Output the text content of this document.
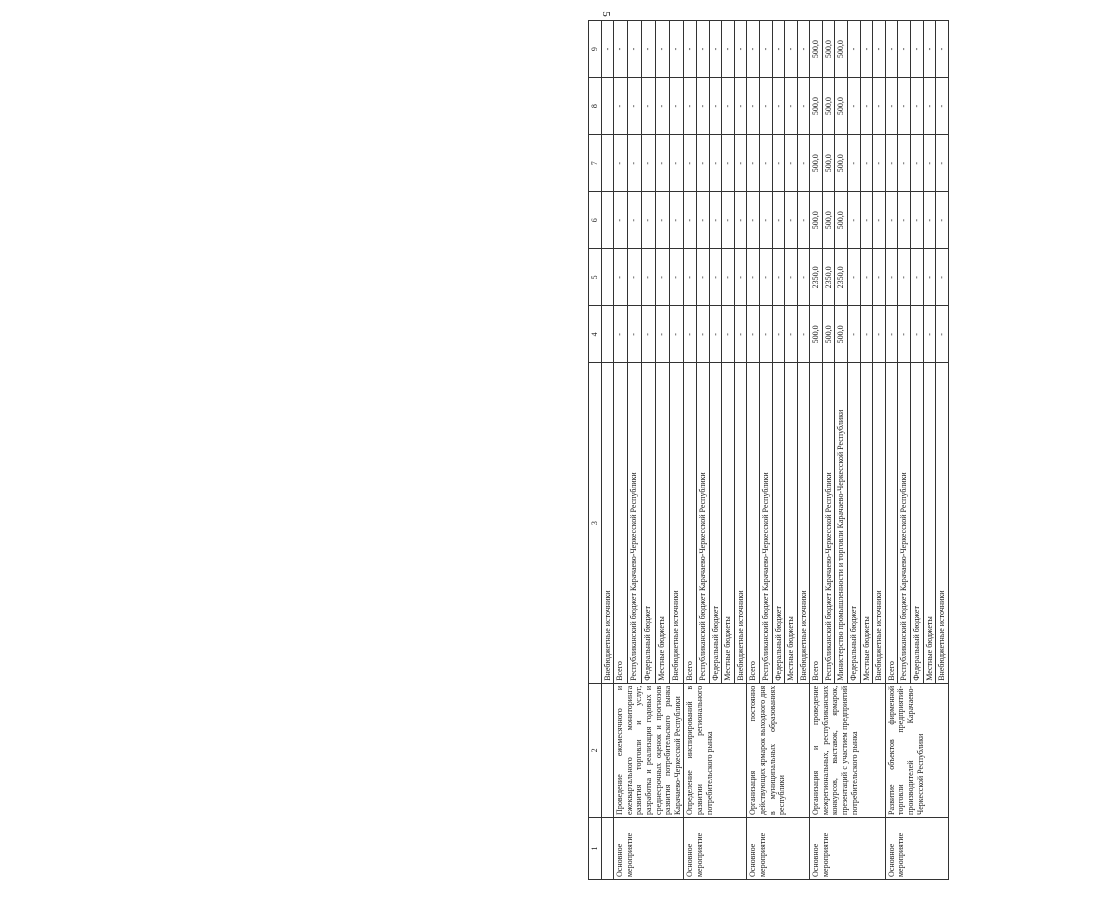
5
1	2	3	4	5	6	7	8	9
		Внебюджетные источники						-
Основное мероприятие	Проведение ежемесячного и ежеквартального мониторинга развития торговли и услуг, разработка и реализация годовых и среднесрочных оценок и прогнозов развития потребительского рынка Карачаево-Черкесской Республики	Всего	-	-	-	-	-	-
		Республиканский бюджет Карачаево-Черкесской Республики	-	-	-	-	-	-
		Федеральный бюджет	-	-	-	-	-	-
		Местные бюджеты	-	-	-	-	-	-
		Внебюджетные источники	-	-	-	-	-	-
Основное мероприятие	Определение инспирирований в развитии регионального потребительского рынка	Всего	-	-	-	-	-	-
		Республиканский бюджет Карачаево-Черкесской Республики	-	-	-	-	-	-
		Федеральный бюджет	-	-	-	-	-	-
		Местные бюджеты	-	-	-	-	-	-
		Внебюджетные источники	-	-	-	-	-	-
Основное мероприятие	Организация постоянно действующих ярмарок выходного дня в муниципальных образованиях республики	Всего	-	-	-	-	-	-
		Республиканский бюджет Карачаево-Черкесской Республики	-	-	-	-	-	-
		Федеральный бюджет	-	-	-	-	-	-
		Местные бюджеты	-	-	-	-	-	-
		Внебюджетные источники	-	-	-	-	-	-
Основное мероприятие	Организация и проведение межрегиональных, республиканских конкурсов, выставок, ярмарок, презентаций с участием предприятий потребительского рынка	Всего	500,0	2350,0	500,0	500,0	500,0	500,0
		Республиканский бюджет Карачаево-Черкесской Республики	500,0	2350,0	500,0	500,0	500,0	500,0
		Министерство промышленности и торговли Карачаево-Черкесской Республики	500,0	2350,0	500,0	500,0	500,0	500,0
		Федеральный бюджет	-	-	-	-	-	-
		Местные бюджеты	-	-	-	-	-	-
		Внебюджетные источники	-	-	-	-	-	-
Основное мероприятие	Развитие объектов фирменной торговли предприятий-производителей Карачаево-Черкесской Республики	Всего	-	-	-	-	-	-
		Республиканский бюджет Карачаево-Черкесской Республики	-	-	-	-	-	-
		Федеральный бюджет	-	-	-	-	-	-
		Местные бюджеты	-	-	-	-	-	-
		Внебюджетные источники	-	-	-	-	-	-
